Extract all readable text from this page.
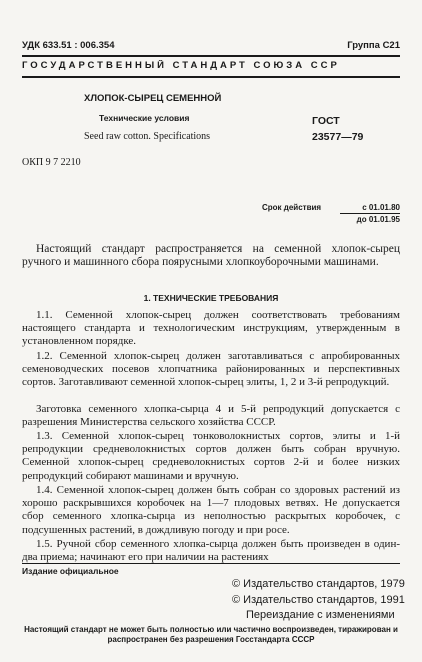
УДК 633.51 : 006.354	Группа С21
ГОСУДАРСТВЕННЫЙ СТАНДАРТ СОЮЗА ССР
ХЛОПОК-СЫРЕЦ СЕМЕННОЙ
Технические условия
Seed raw cotton. Specifications
ГОСТ
23577—79
ОКП 9 7 2210
Срок действия	с 01.01.80
до 01.01.95

Настоящий стандарт распространяется на семенной хлопок-сырец ручного и машинного сбора поярусными хлопкоуборочными машинами.

1. ТЕХНИЧЕСКИЕ ТРЕБОВАНИЯ

1.1. Семенной хлопок-сырец должен соответствовать требованиям настоящего стандарта и технологическим инструкциям, утвержденным в установленном порядке.

1.2. Семенной хлопок-сырец должен заготавливаться с апробированных семеноводческих посевов хлопчатника районированных и перспективных сортов. Заготавливают семенной хлопок-сырец элиты, 1, 2 и 3-й репродукций.

Заготовка семенного хлопка-сырца 4 и 5-й репродукций допускается с разрешения Министерства сельского хозяйства СССР.

1.3. Семенной хлопок-сырец тонковолокнистых сортов, элиты и 1-й репродукции средневолокнистых сортов должен быть собран вручную. Семенной хлопок-сырец средневолокнистых сортов 2-й и более низких репродукций собирают машинами и вручную.

1.4. Семенной хлопок-сырец должен быть собран со здоровых растений из хорошо раскрывшихся коробочек на 1—7 плодовых ветвях. Не допускается сбор семенного хлопка-сырца из неполностью раскрытых коробочек, с подсушенных растений, в дождливую погоду и при росе.

1.5. Ручной сбор семенного хлопка-сырца должен быть произведен в один-два приема; начинают его при наличии на растениях

Издание официальное
© Издательство стандартов, 1979
© Издательство стандартов, 1991
Переиздание с изменениями
Настоящий стандарт не может быть полностью или частично воспроизведен, тиражирован и распространен без разрешения Госстандарта СССР
